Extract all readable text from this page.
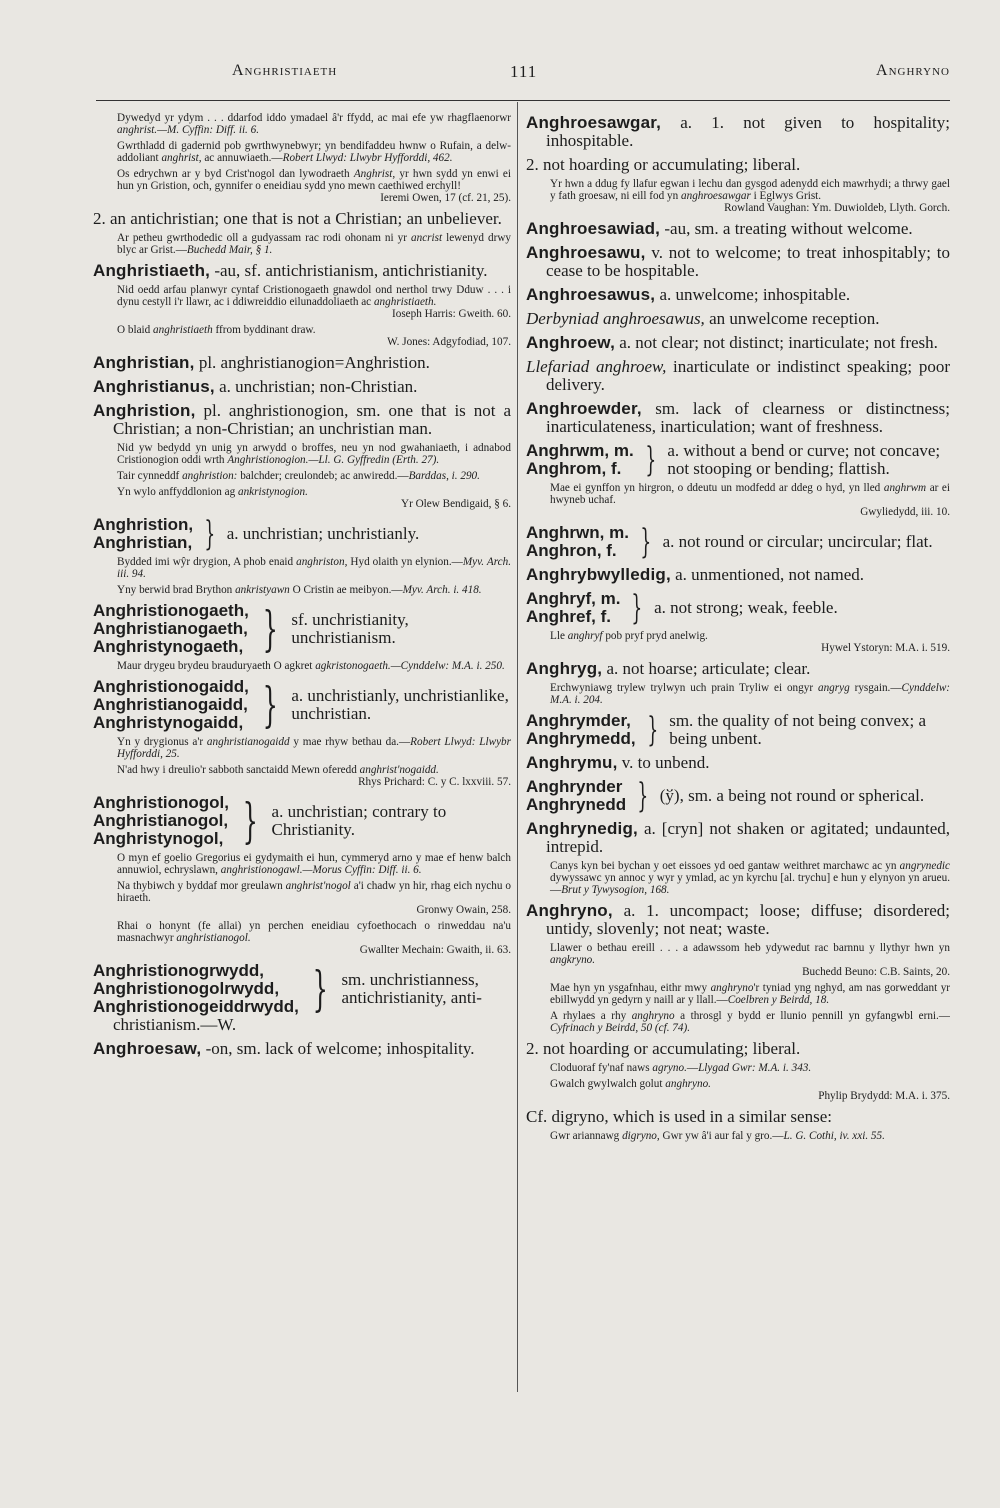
Anghristiaeth	111	Anghryno
Dywedyd yr ydym . . . ddarfod iddo ymadael â'r ffydd, ac mai efe yw rhagflaenorwr anghrist.—M. Cyffin: Diff. ii. 6.
Gwrthladd di gadernid pob gwrthwynebwyr; yn bendifaddeu hwnw o Rufain, a delw-addoliant anghrist, ac annuwiaeth.—Robert Llwyd: Llwybr Hyfforddi, 462.
Os edrychwn ar y byd Crist'nogol dan lywodraeth Anghrist, yr hwn sydd yn enwi ei hun yn Gristion, och, gynnifer o eneidiau sydd yno mewn caethiwed erchyll!
Ieremi Owen, 17 (cf. 21, 25).
2. an antichristian; one that is not a Christian; an unbeliever.
Ar petheu gwrthodedic oll a gudyassam rac rodi ohonam ni yr ancrist lewenyd drwy blyc ar Grist.—Buchedd Mair, § 1.
Anghristiaeth, -au, sf. antichristianism, antichristianity.
Nid oedd arfau planwyr cyntaf Cristionogaeth gnawdol ond nerthol trwy Dduw . . . i dynu cestyll i'r llawr, ac i ddiwreiddio eilunaddoliaeth ac anghristiaeth.
Ioseph Harris: Gweith. 60.
O blaid anghristiaeth ffrom byddinant draw.
W. Jones: Adgyfodiad, 107.
Anghristian, pl. anghristianogion=Anghristion.
Anghristianus, a. unchristian; non-Christian.
Anghristion, pl. anghristionogion, sm. one that is not a Christian; a non-Christian; an unchristian man.
Nid yw bedydd yn unig yn arwydd o broffes, neu yn nod gwahaniaeth, i adnabod Cristionogion oddi wrth Anghristionogion.—Ll. G. Gyffredin (Erth. 27).
Tair cynneddf anghristion: balchder; creulondeb; ac anwiredd.—Barddas, i. 290.
Yn wylo anffyddlonion ag ankristynogion.
Yr Olew Bendigaid, § 6.
Anghristion,
Anghristian, } a. unchristian; unchristianly.
Bydded imi wŷr drygion, A phob enaid anghriston, Hyd olaith yn elynion.—Myv. Arch. iii. 94.
Yny berwid brad Brython ankristyawn O Cristin ae meibyon.—Myv. Arch. i. 418.
Anghristionogaeth,
Anghristianogaeth,
Anghristynogaeth, } sf. unchristianity, unchristianism.
Maur drygeu brydeu brauduryaeth O agkret agkristonogaeth.—Cynddelw: M.A. i. 250.
Anghristionogaidd,
Anghristianogaidd,
Anghristynogaidd, } a. unchristianly, unchristianlike, unchristian.
Yn y drygionus a'r anghristianogaidd y mae rhyw bethau da.—Robert Llwyd: Llwybr Hyfforddi, 25.
N'ad hwy i dreulio'r sabboth sanctaidd Mewn oferedd anghrist'nogaidd.
Rhys Prichard: C. y C. lxxviii. 57.
Anghristionogol,
Anghristianogol,
Anghristynogol, } a. unchristian; contrary to Christianity.
O myn ef goelio Gregorius ei gydymaith ei hun, cymmeryd arno y mae ef henw balch annuwiol, echryslawn, anghristionogawl.—Morus Cyffin: Diff. ii. 6.
Na thybiwch y byddaf mor greulawn anghrist'nogol a'i chadw yn hir, rhag eich nychu o hiraeth.
Gronwy Owain, 258.
Rhai o honynt (fe allai) yn perchen eneidiau cyfoethocach o rinweddau na'u masnachwyr anghristianogol.
Gwallter Mechain: Gwaith, ii. 63.
Anghristionogrwydd,
Anghristionogolrwydd,
Anghristionogeiddrwydd, } sm. unchristianness, antichristianity, anti-
christianism.—W.
Anghroesaw, -on, sm. lack of welcome; inhospitality.
Anghroesawgar, a. 1. not given to hospitality; inhospitable.
2. not hoarding or accumulating; liberal.
Yr hwn a ddug fy llafur egwan i lechu dan gysgod adenydd eich mawrhydi; a thrwy gael y fath groesaw, ni eill fod yn anghroesawgar i Eglwys Grist.
Rowland Vaughan: Ym. Duwioldeb, Llyth. Gorch.
Anghroesawiad, -au, sm. a treating without welcome.
Anghroesawu, v. not to welcome; to treat inhospitably; to cease to be hospitable.
Anghroesawus, a. unwelcome; inhospitable.
Derbyniad anghroesawus, an unwelcome reception.
Anghroew, a. not clear; not distinct; inarticulate; not fresh.
Llefariad anghroew, inarticulate or indistinct speaking; poor delivery.
Anghroewder, sm. lack of clearness or distinctness; inarticulateness, inarticulation; want of freshness.
Anghrwm, m.
Anghrom, f. } a. without a bend or curve; not concave; not stooping or bending; flattish.
Mae ei gynffon yn hirgron, o ddeutu un modfedd ar ddeg o hyd, yn lled anghrwm ar ei hwyneb uchaf.
Gwyliedydd, iii. 10.
Anghrwn, m.
Anghron, f. } a. not round or circular; uncircular; flat.
Anghrybwylledig, a. unmentioned, not named.
Anghryf, m.
Anghref, f. } a. not strong; weak, feeble.
Lle anghryf pob pryf pryd anelwig.
Hywel Ystoryn: M.A. i. 519.
Anghryg, a. not hoarse; articulate; clear.
Erchwyniawg trylew trylwyn uch prain Tryliw ei ongyr angryg rysgain.—Cynddelw: M.A. i. 204.
Anghrymder,
Anghrymedd, } sm. the quality of not being convex; a being unbent.
Anghrymu, v. to unbend.
Anghrynder
Anghrynedd } (ў), sm. a being not round or spherical.
Anghrynedig, a. [cryn] not shaken or agitated; undaunted, intrepid.
Canys kyn bei bychan y oet eissoes yd oed gantaw weithret marchawc ac yn angrynedic dywyssawc yn annoc y wyr y ymlad, ac yn kyrchu [al. trychu] e hun y elynyon yn arueu.—Brut y Tywysogion, 168.
Anghryno, a. 1. uncompact; loose; diffuse; disordered; untidy, slovenly; not neat; waste.
Llawer o bethau ereill . . . a adawssom heb ydywedut rac barnnu y llythyr hwn yn angkryno.
Buchedd Beuno: C.B. Saints, 20.
Mae hyn yn ysgafnhau, eithr mwy anghryno'r tyniad yng nghyd, am nas gorweddant yr ebillwydd yn gedyrn y naill ar y llall.—Coelbren y Beirdd, 18.
A rhylaes a rhy anghryno a throsgl y bydd er llunio pennill yn gyfangwbl erni.—Cyfrinach y Beirdd, 50 (cf. 74).
2. not hoarding or accumulating; liberal.
Cloduoraf fy'naf naws agryno.—Llygad Gwr: M.A. i. 343.
Gwalch gwylwalch golut anghryno.
Phylip Brydydd: M.A. i. 375.
Cf. digryno, which is used in a similar sense:
Gwr ariannawg digryno, Gwr yw â'i aur fal y gro.—L. G. Cothi, iv. xxi. 55.
